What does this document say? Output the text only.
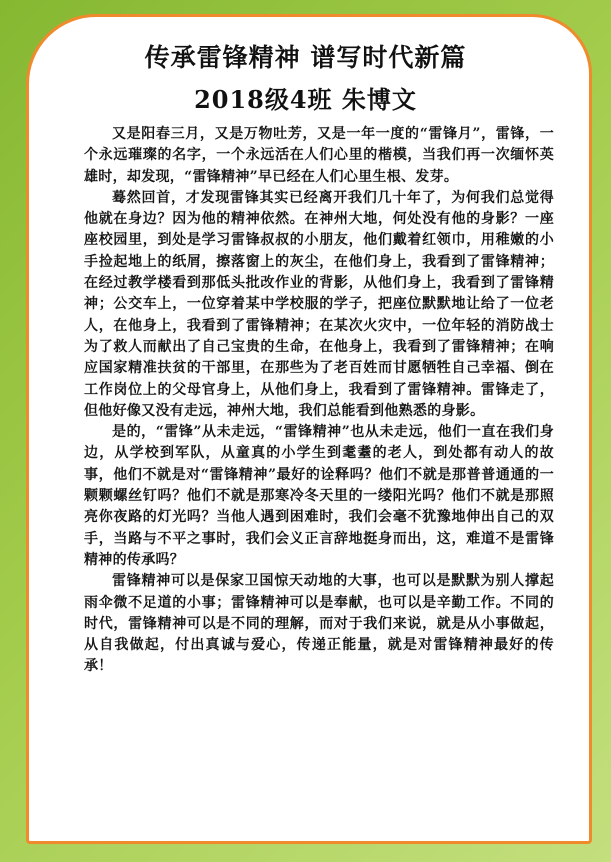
传承雷锋精神 谱写时代新篇
2018级4班 朱博文

又是阳春三月，又是万物吐芳，又是一年一度的“雷锋月”，雷锋，一个永远璀璨的名字，一个永远活在人们心里的楷模，当我们再一次缅怀英雄时，却发现，“雷锋精神”早已经在人们心里生根、发芽。

蓦然回首，才发现雷锋其实已经离开我们几十年了，为何我们总觉得他就在身边？因为他的精神依然。在神州大地，何处没有他的身影？一座座校园里，到处是学习雷锋叔叔的小朋友，他们戴着红领巾，用稚嫩的小手捡起地上的纸屑，擦落窗上的灰尘，在他们身上，我看到了雷锋精神；在经过教学楼看到那低头批改作业的背影，从他们身上，我看到了雷锋精神；公交车上，一位穿着某中学校服的学子，把座位默默地让给了一位老人，在他身上，我看到了雷锋精神；在某次火灾中，一位年轻的消防战士为了救人而献出了自己宝贵的生命，在他身上，我看到了雷锋精神；在响应国家精准扶贫的干部里，在那些为了老百姓而甘愿牺牲自己幸福、倒在工作岗位上的父母官身上，从他们身上，我看到了雷锋精神。雷锋走了，但他好像又没有走远，神州大地，我们总能看到他熟悉的身影。

是的，“雷锋”从未走远，“雷锋精神”也从未走远，他们一直在我们身边，从学校到军队，从童真的小学生到耄耋的老人，到处都有动人的故事，他们不就是对“雷锋精神”最好的诠释吗？他们不就是那普普通通的一颗颗螺丝钉吗？他们不就是那寒冷冬天里的一缕阳光吗？他们不就是那照亮你夜路的灯光吗？当他人遇到困难时，我们会毫不犹豫地伸出自己的双手，当路与不平之事时，我们会义正言辞地挺身而出，这，难道不是雷锋精神的传承吗？

雷锋精神可以是保家卫国惊天动地的大事，也可以是默默为别人撑起雨伞微不足道的小事；雷锋精神可以是奉献，也可以是辛勤工作。不同的时代，雷锋精神可以是不同的理解，而对于我们来说，就是从小事做起，从自我做起，付出真诚与爱心，传递正能量，就是对雷锋精神最好的传承！
